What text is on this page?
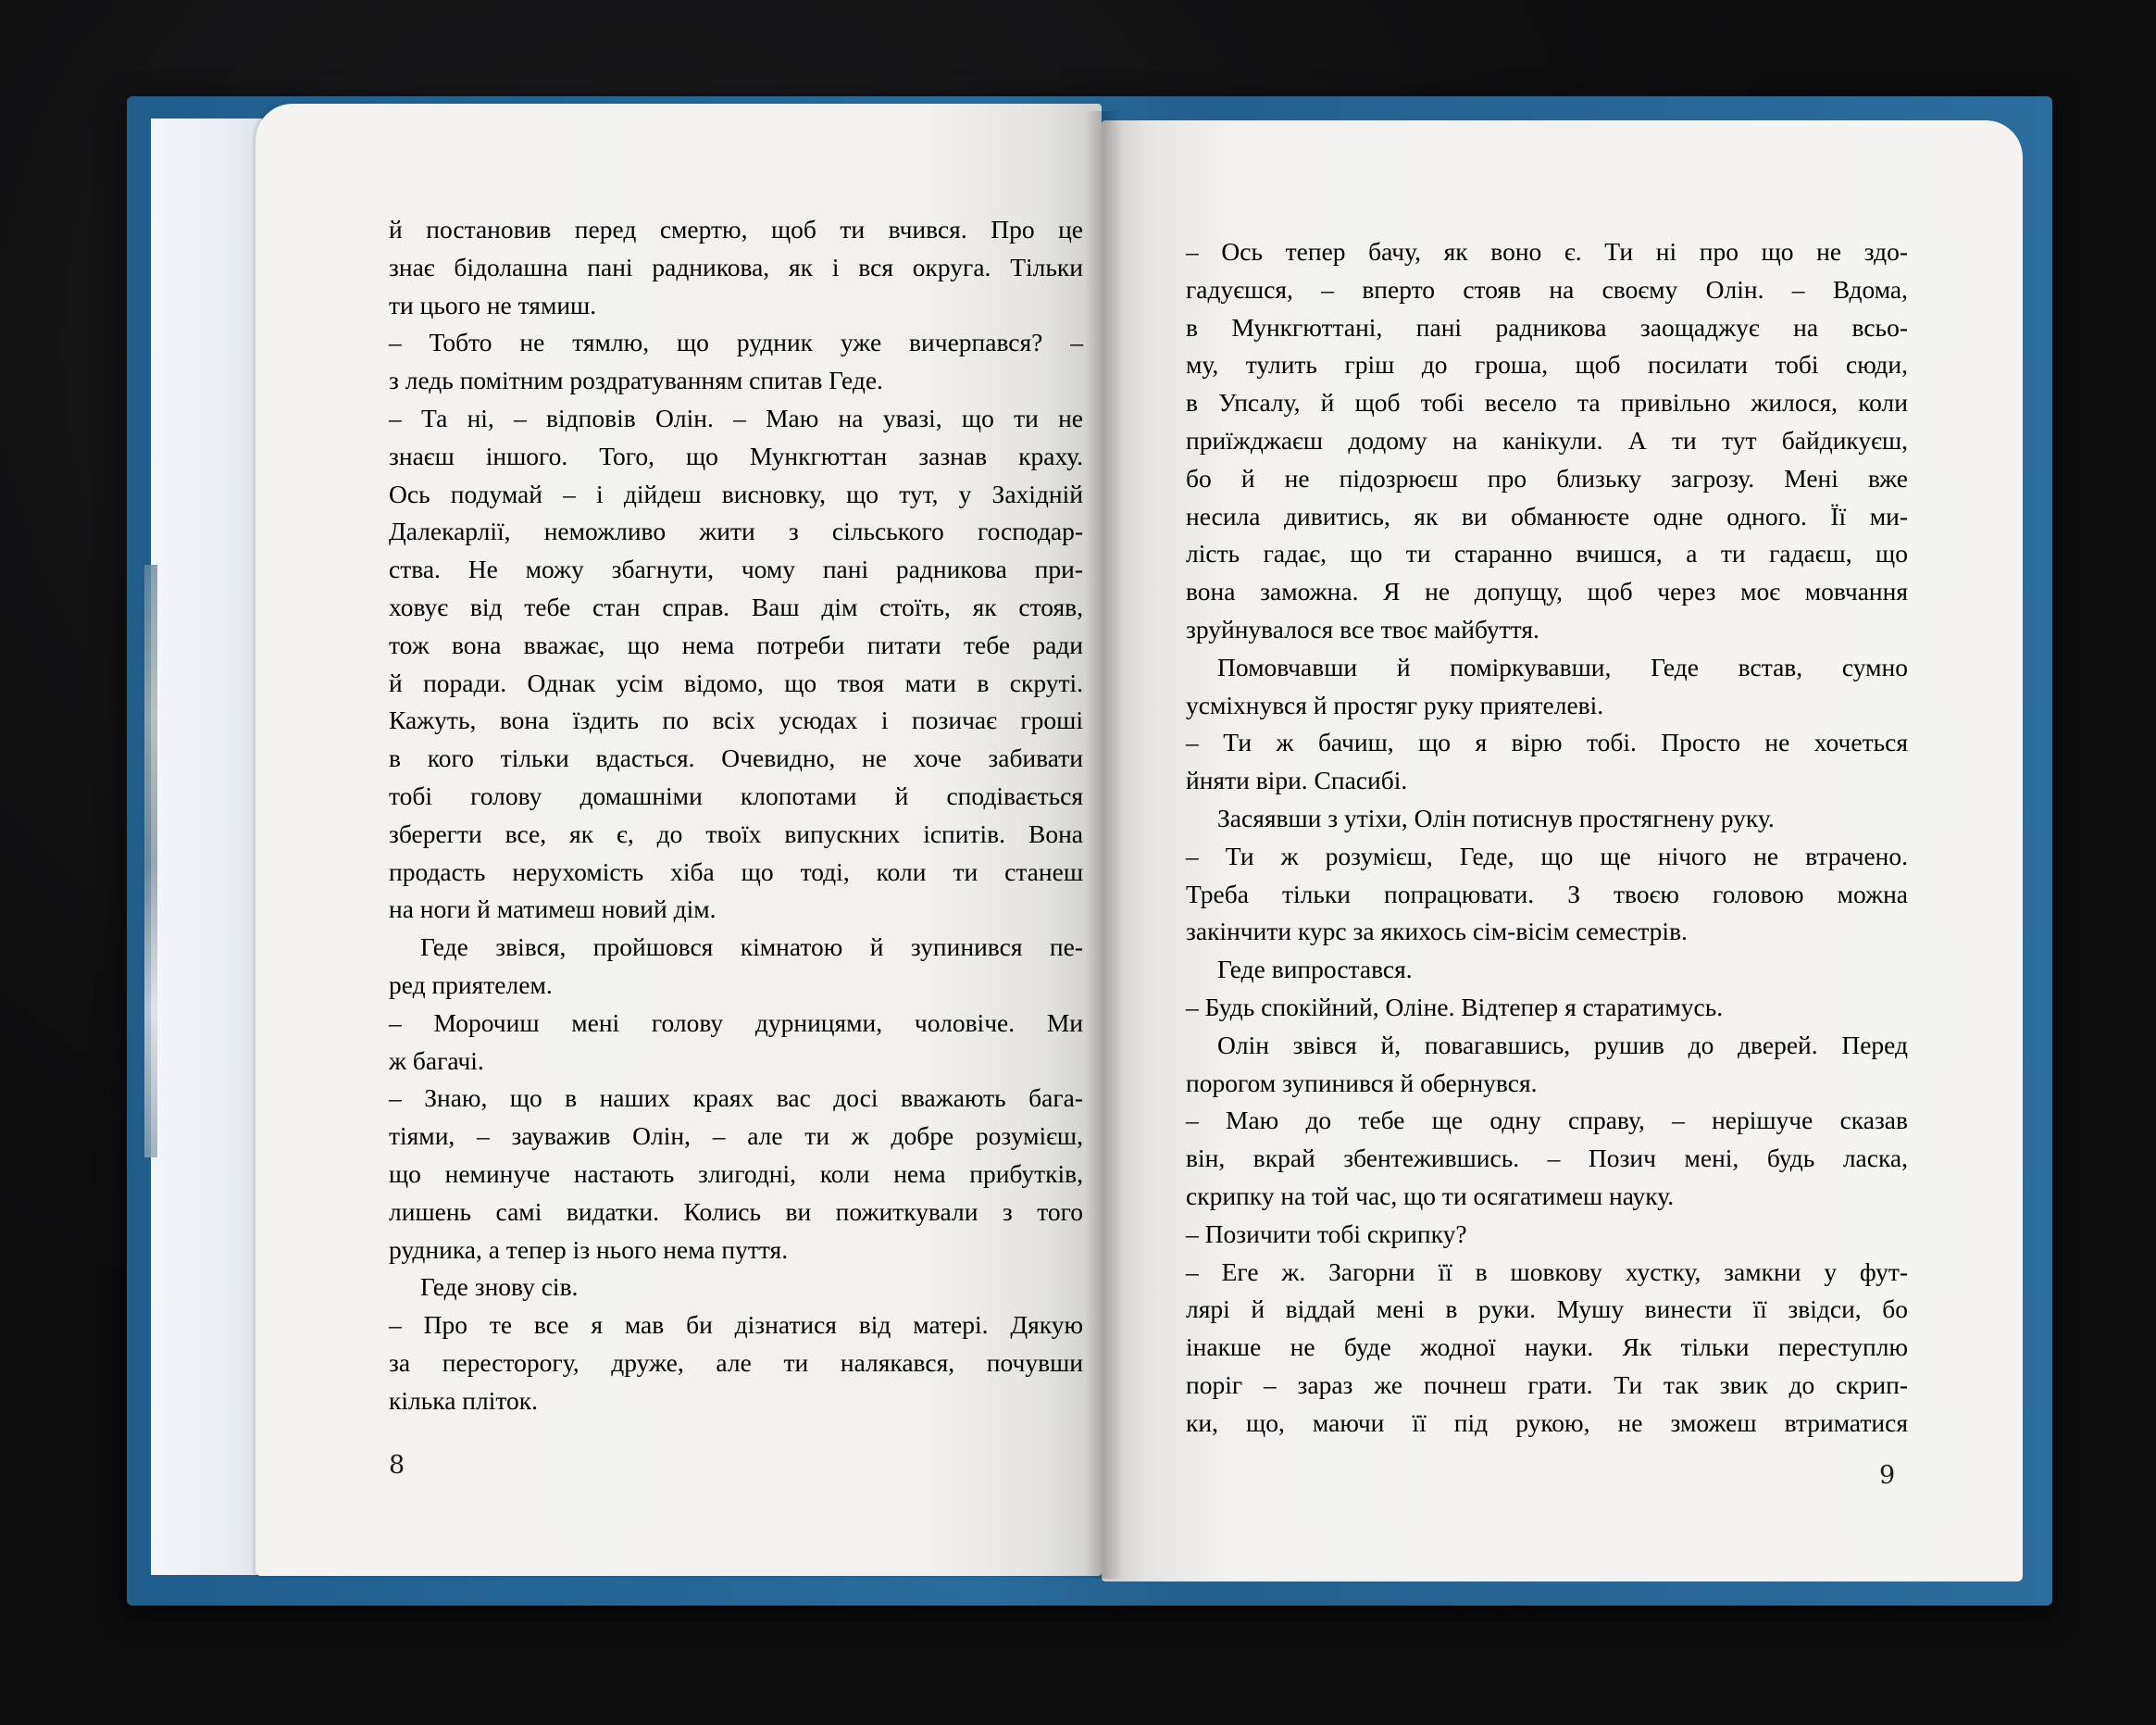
й постановив перед смертю, щоб ти вчився. Про це
знає бідолашна пані радникова, як і вся округа. Тільки
ти цього не тямиш.
– Тобто не тямлю, що рудник уже вичерпався? –
з ледь помітним роздратуванням спитав Геде.
– Та ні, – відповів Олін. – Маю на увазі, що ти не
знаєш іншого. Того, що Мункгюттан зазнав краху.
Ось подумай – і дійдеш висновку, що тут, у Західній
Далекарлії, неможливо жити з сільського господар-
ства. Не можу збагнути, чому пані радникова при-
ховує від тебе стан справ. Ваш дім стоїть, як стояв,
тож вона вважає, що нема потреби питати тебе ради
й поради. Однак усім відомо, що твоя мати в скруті.
Кажуть, вона їздить по всіх усюдах і позичає гроші
в кого тільки вдасться. Очевидно, не хоче забивати
тобі голову домашніми клопотами й сподівається
зберегти все, як є, до твоїх випускних іспитів. Вона
продасть нерухомість хіба що тоді, коли ти станеш
на ноги й матимеш новий дім.
Геде звівся, пройшовся кімнатою й зупинився пе-
ред приятелем.
– Морочиш мені голову дурницями, чоловіче. Ми
ж багачі.
– Знаю, що в наших краях вас досі вважають бага-
тіями, – зауважив Олін, – але ти ж добре розумієш,
що неминуче настають злигодні, коли нема прибутків,
лишень самі видатки. Колись ви пожиткували з того
рудника, а тепер із нього нема пуття.
Геде знову сів.
– Про те все я мав би дізнатися від матері. Дякую
за пересторогу, друже, але ти налякався, почувши
кілька пліток.
– Ось тепер бачу, як воно є. Ти ні про що не здо-
гадуєшся, – вперто стояв на своєму Олін. – Вдома,
в Мункгюттані, пані радникова заощаджує на всьо-
му, тулить гріш до гроша, щоб посилати тобі сюди,
в Упсалу, й щоб тобі весело та привільно жилося, коли
приїжджаєш додому на канікули. А ти тут байдикуєш,
бо й не підозрюєш про близьку загрозу. Мені вже
несила дивитись, як ви обманюєте одне одного. Її ми-
лість гадає, що ти старанно вчишся, а ти гадаєш, що
вона заможна. Я не допущу, щоб через моє мовчання
зруйнувалося все твоє майбуття.
Помовчавши й поміркувавши, Геде встав, сумно
усміхнувся й простяг руку приятелеві.
– Ти ж бачиш, що я вірю тобі. Просто не хочеться
йняти віри. Спасибі.
Засяявши з утіхи, Олін потиснув простягнену руку.
– Ти ж розумієш, Геде, що ще нічого не втрачено.
Треба тільки попрацювати. З твоєю головою можна
закінчити курс за якихось сім-вісім семестрів.
Геде випростався.
– Будь спокійний, Оліне. Відтепер я старатимусь.
Олін звівся й, повагавшись, рушив до дверей. Перед
порогом зупинився й обернувся.
– Маю до тебе ще одну справу, – нерішуче сказав
він, вкрай збентежившись. – Позич мені, будь ласка,
скрипку на той час, що ти осягатимеш науку.
– Позичити тобі скрипку?
– Еге ж. Загорни її в шовкову хустку, замкни у фут-
лярі й віддай мені в руки. Мушу винести її звідси, бо
інакше не буде жодної науки. Як тільки переступлю
поріг – зараз же почнеш грати. Ти так звик до скрип-
ки, що, маючи її під рукою, не зможеш втриматися
8	9
